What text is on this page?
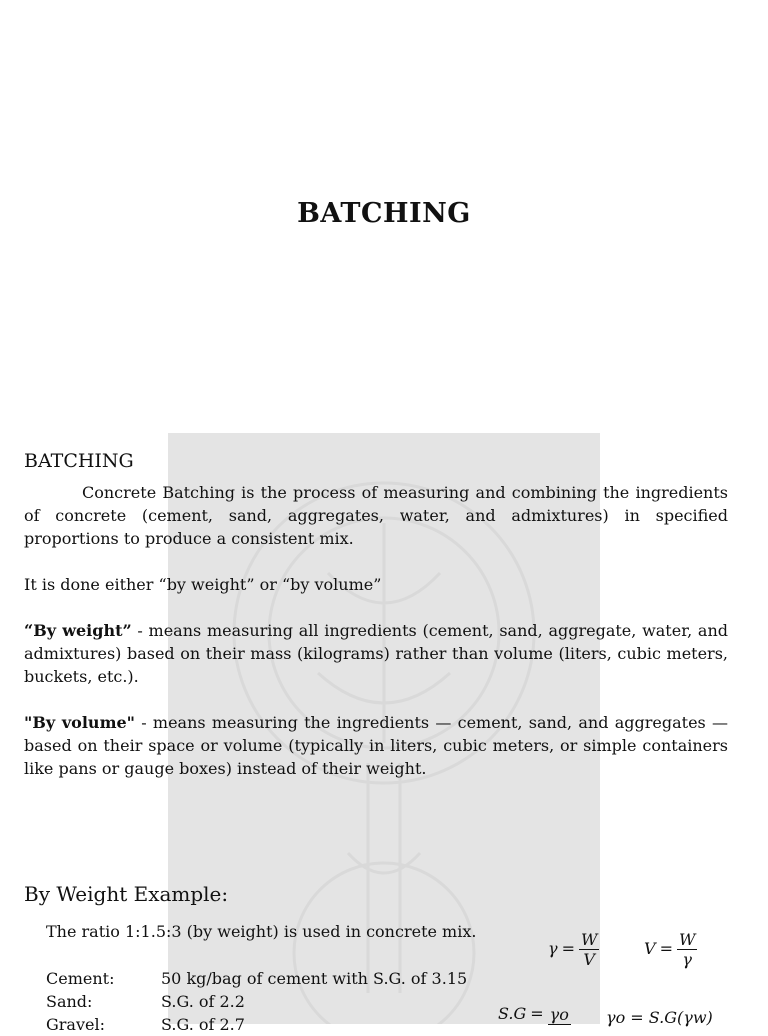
BATCHING
BATCHING

Concrete Batching is the process of measuring and combining the ingredients of concrete (cement, sand, aggregates, water, and admixtures) in specified proportions to produce a consistent mix.

It is done either “by weight” or “by volume”

“By weight” - means measuring all ingredients (cement, sand, aggregate, water, and admixtures) based on their mass (kilograms) rather than volume (liters, cubic meters, buckets, etc.).

"By volume" - means measuring the ingredients — cement, sand, and aggregates — based on their space or volume (typically in liters, cubic meters, or simple containers like pans or gauge boxes) instead of their weight.

By Weight Example:
The ratio 1:1.5:3 (by weight) is used in concrete mix.
Cement:	50 kg/bag of cement with S.G. of 3.15
Sand:	S.G. of 2.2
Gravel:	S.G. of 2.7
$\gamma = \frac{W}{V}$	$V = \frac{W}{\gamma}$
S.G = γo γo = S.G(γw)
